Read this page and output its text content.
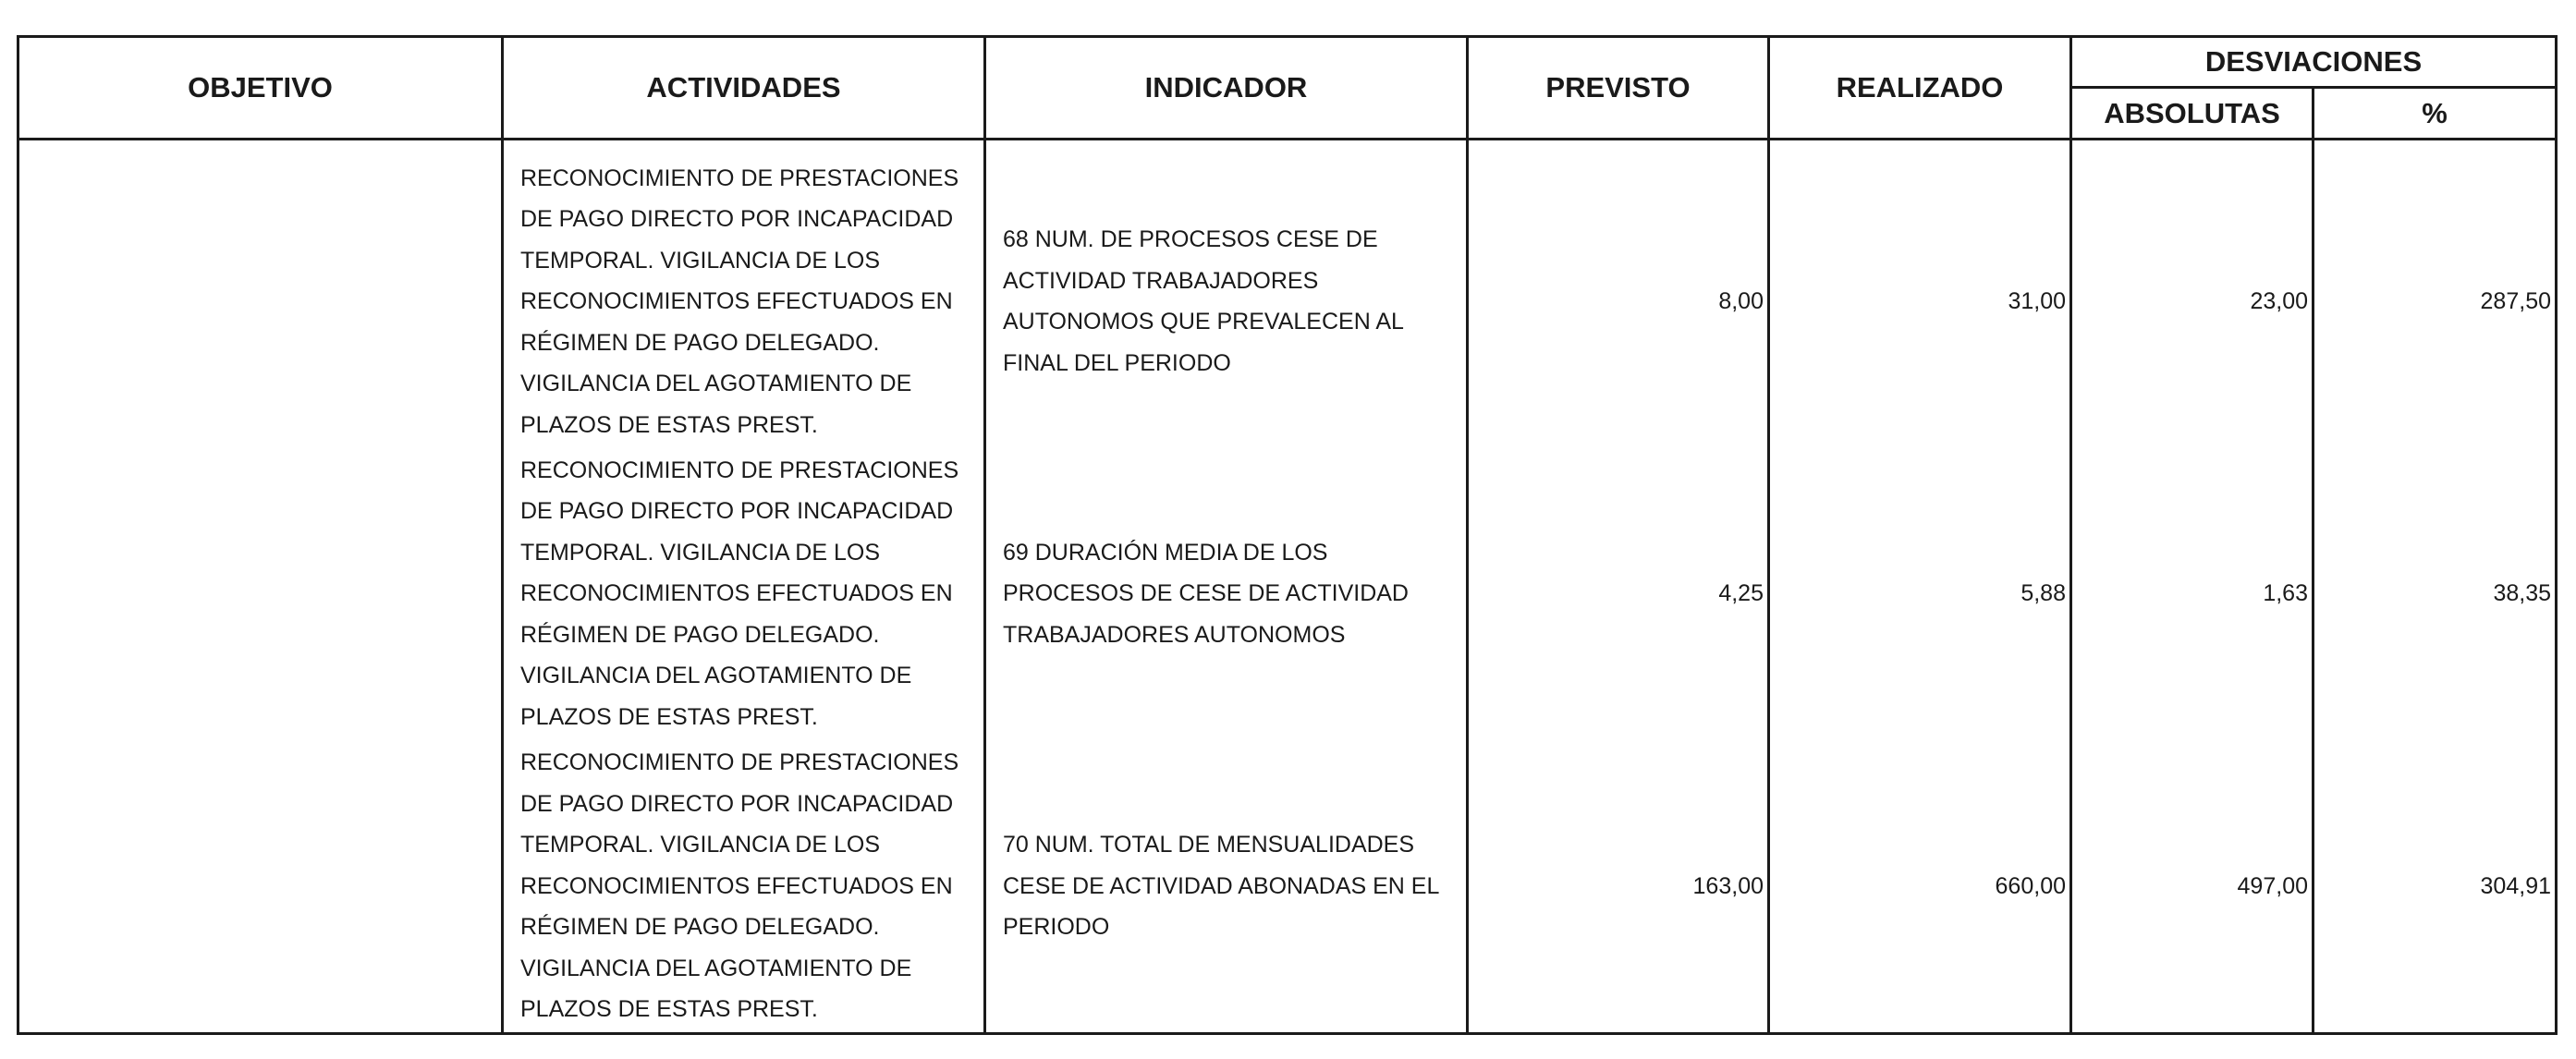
OBJETIVO	ACTIVIDADES	INDICADOR	PREVISTO	REALIZADO	DESVIACIONES	
					ABSOLUTAS	%
	RECONOCIMIENTO DE PRESTACIONES DE PAGO DIRECTO POR INCAPACIDAD TEMPORAL. VIGILANCIA DE LOS RECONOCIMIENTOS EFECTUADOS EN RÉGIMEN DE PAGO DELEGADO. VIGILANCIA DEL AGOTAMIENTO DE PLAZOS DE ESTAS PREST.	68 NUM. DE PROCESOS CESE DE ACTIVIDAD TRABAJADORES AUTONOMOS QUE PREVALECEN AL FINAL DEL PERIODO	8,00	31,00	23,00	287,50
	RECONOCIMIENTO DE PRESTACIONES DE PAGO DIRECTO POR INCAPACIDAD TEMPORAL. VIGILANCIA DE LOS RECONOCIMIENTOS EFECTUADOS EN RÉGIMEN DE PAGO DELEGADO. VIGILANCIA DEL AGOTAMIENTO DE PLAZOS DE ESTAS PREST.	69 DURACIÓN MEDIA DE LOS PROCESOS DE CESE DE ACTIVIDAD TRABAJADORES AUTONOMOS	4,25	5,88	1,63	38,35
	RECONOCIMIENTO DE PRESTACIONES DE PAGO DIRECTO POR INCAPACIDAD TEMPORAL. VIGILANCIA DE LOS RECONOCIMIENTOS EFECTUADOS EN RÉGIMEN DE PAGO DELEGADO. VIGILANCIA DEL AGOTAMIENTO DE PLAZOS DE ESTAS PREST.	70 NUM. TOTAL DE MENSUALIDADES CESE DE ACTIVIDAD ABONADAS EN EL PERIODO	163,00	660,00	497,00	304,91
